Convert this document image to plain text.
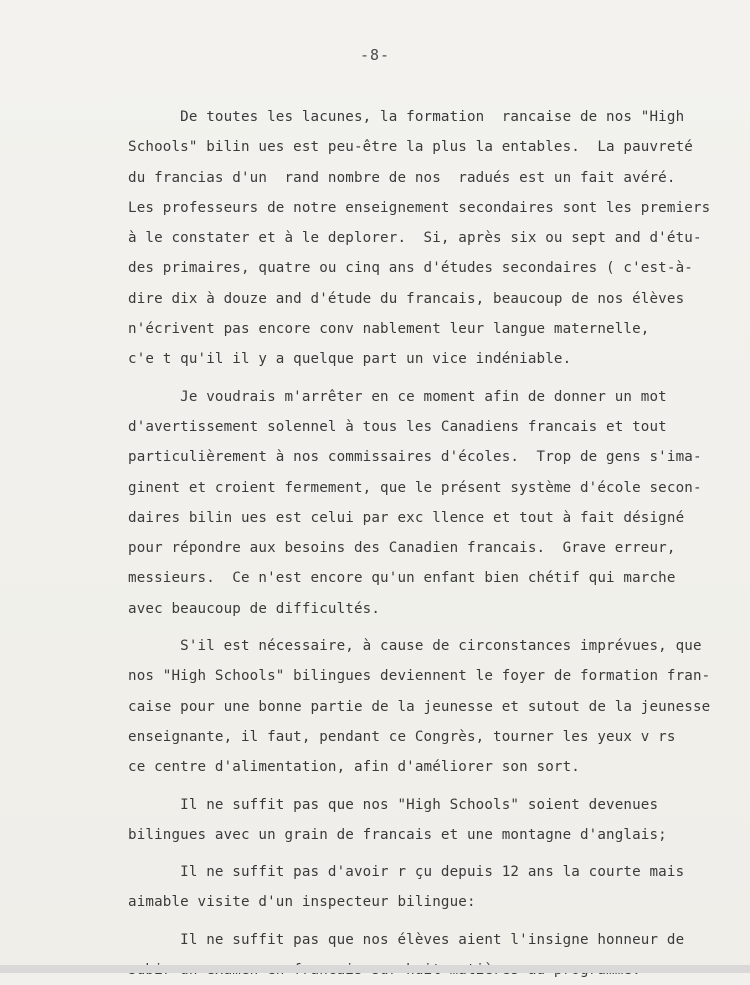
-8-
De toutes les lacunes, la formation  rancaise de nos "High
Schools" bilin ues est peu-être la plus la entables.  La pauvreté
du francias d'un  rand nombre de nos  radués est un fait avéré.
Les professeurs de notre enseignement secondaires sont les premiers
à le constater et à le deplorer.  Si, après six ou sept and d'étu-
des primaires, quatre ou cinq ans d'études secondaires ( c'est-à-
dire dix à douze and d'étude du francais, beaucoup de nos élèves
n'écrivent pas encore conv nablement leur langue maternelle,
c'e t qu'il il y a quelque part un vice indéniable.
Je voudrais m'arrêter en ce moment afin de donner un mot
d'avertissement solennel à tous les Canadiens francais et tout
particulièrement à nos commissaires d'écoles.  Trop de gens s'ima-
ginent et croient fermement, que le présent système d'école secon-
daires bilin ues est celui par exc llence et tout à fait désigné
pour répondre aux besoins des Canadien francais.  Grave erreur,
messieurs.  Ce n'est encore qu'un enfant bien chétif qui marche
avec beaucoup de difficultés.
S'il est nécessaire, à cause de circonstances imprévues, que
nos "High Schools" bilingues deviennent le foyer de formation fran-
caise pour une bonne partie de la jeunesse et sutout de la jeunesse
enseignante, il faut, pendant ce Congrès, tourner les yeux v rs
ce centre d'alimentation, afin d'améliorer son sort.
Il ne suffit pas que nos "High Schools" soient devenues
bilingues avec un grain de francais et une montagne d'anglais;
Il ne suffit pas d'avoir r çu depuis 12 ans la courte mais
aimable visite d'un inspecteur bilingue:
Il ne suffit pas que nos élèves aient l'insigne honneur de
